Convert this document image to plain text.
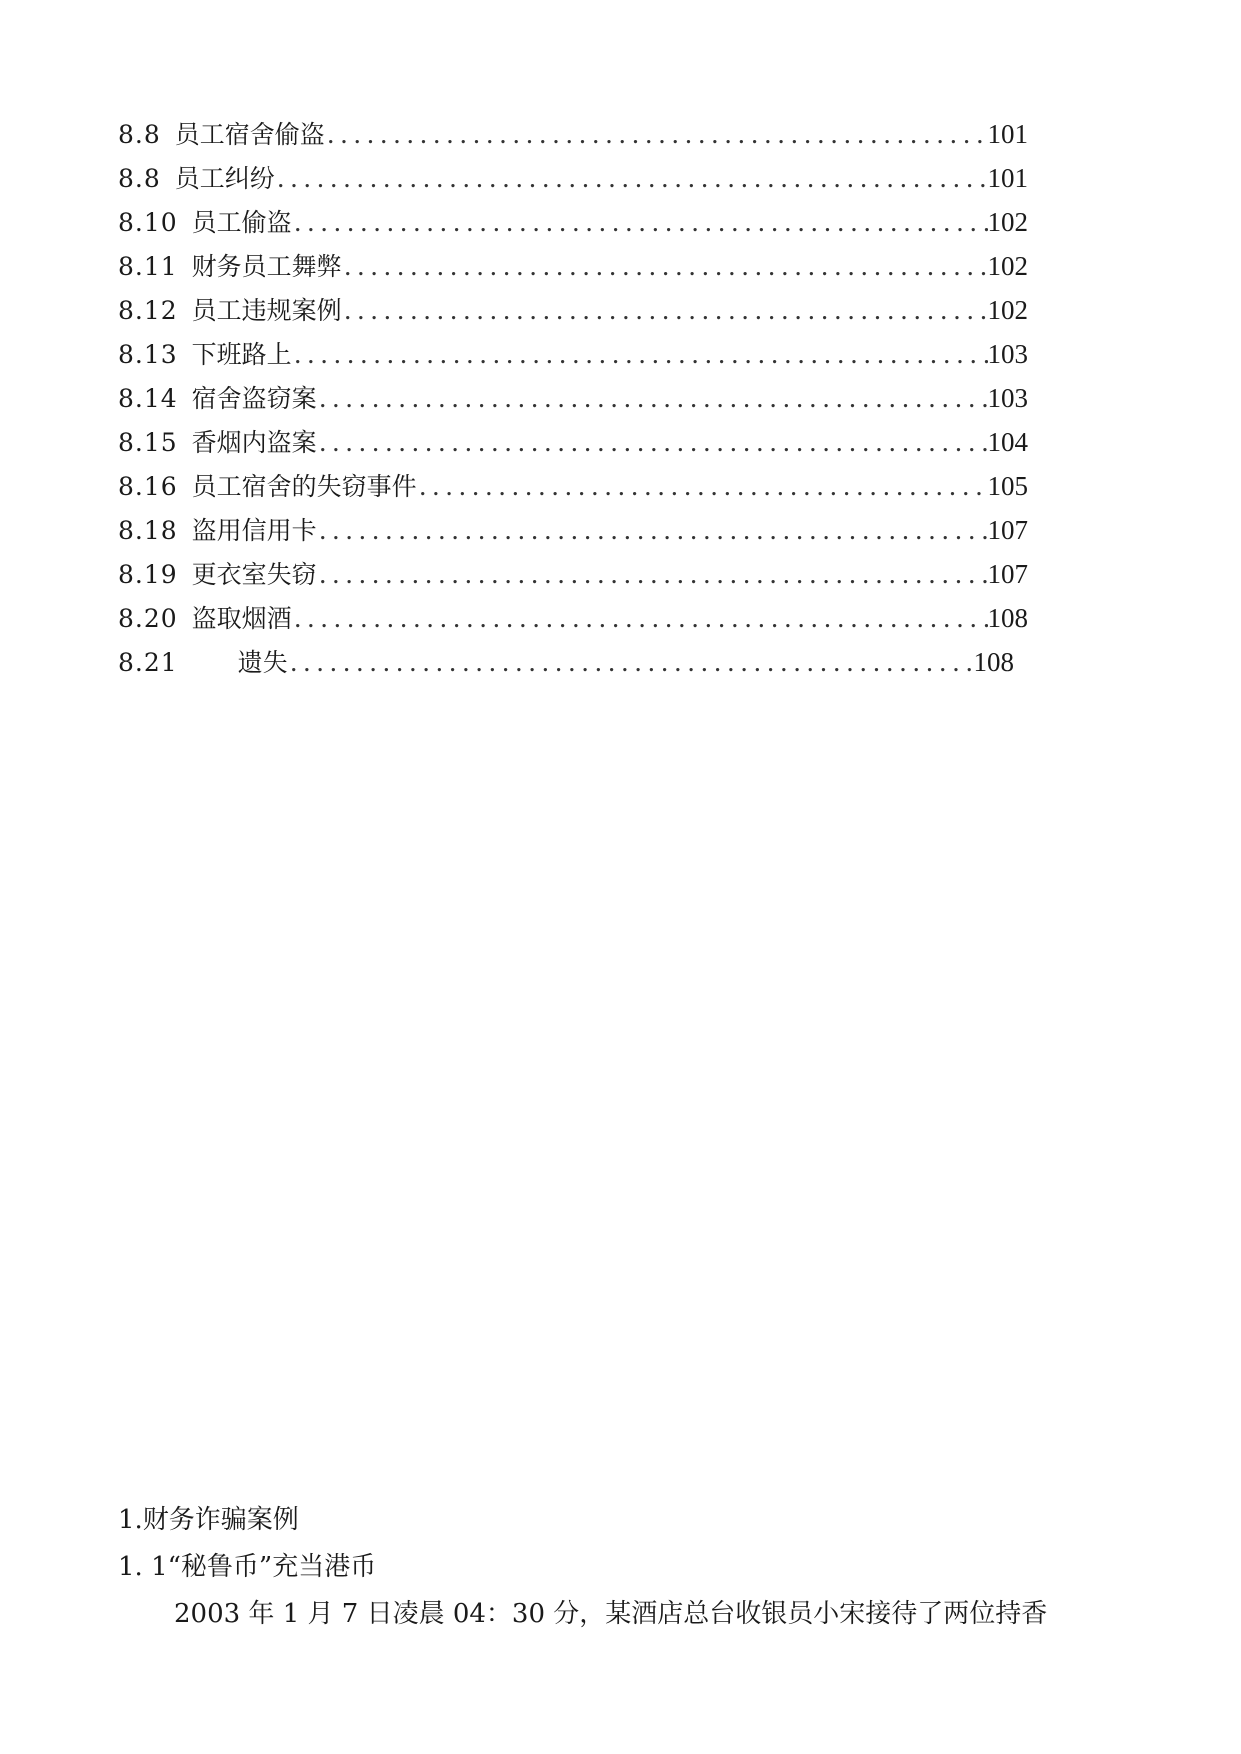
8.8 员工宿舍偷盗 .....	101
8.8 员工纠纷 .....	101
8.10 员工偷盗 .....	102
8.11 财务员工舞弊 .....	102
8.12 员工违规案例 .....	102
8.13 下班路上 .....	103
8.14 宿舍盗窃案 .....	103
8.15 香烟内盗案 .....	104
8.16 员工宿舍的失窃事件 .....	105
8.18 盗用信用卡 .....	107
8.19 更衣室失窃 .....	107
8.20 盗取烟酒 .....	108
8.21 遗失 .....	108
1.财务诈骗案例
1. 1“秘鲁币”充当港币
2003 年 1 月 7 日凌晨 04：30 分，某酒店总台收银员小宋接待了两位持香
